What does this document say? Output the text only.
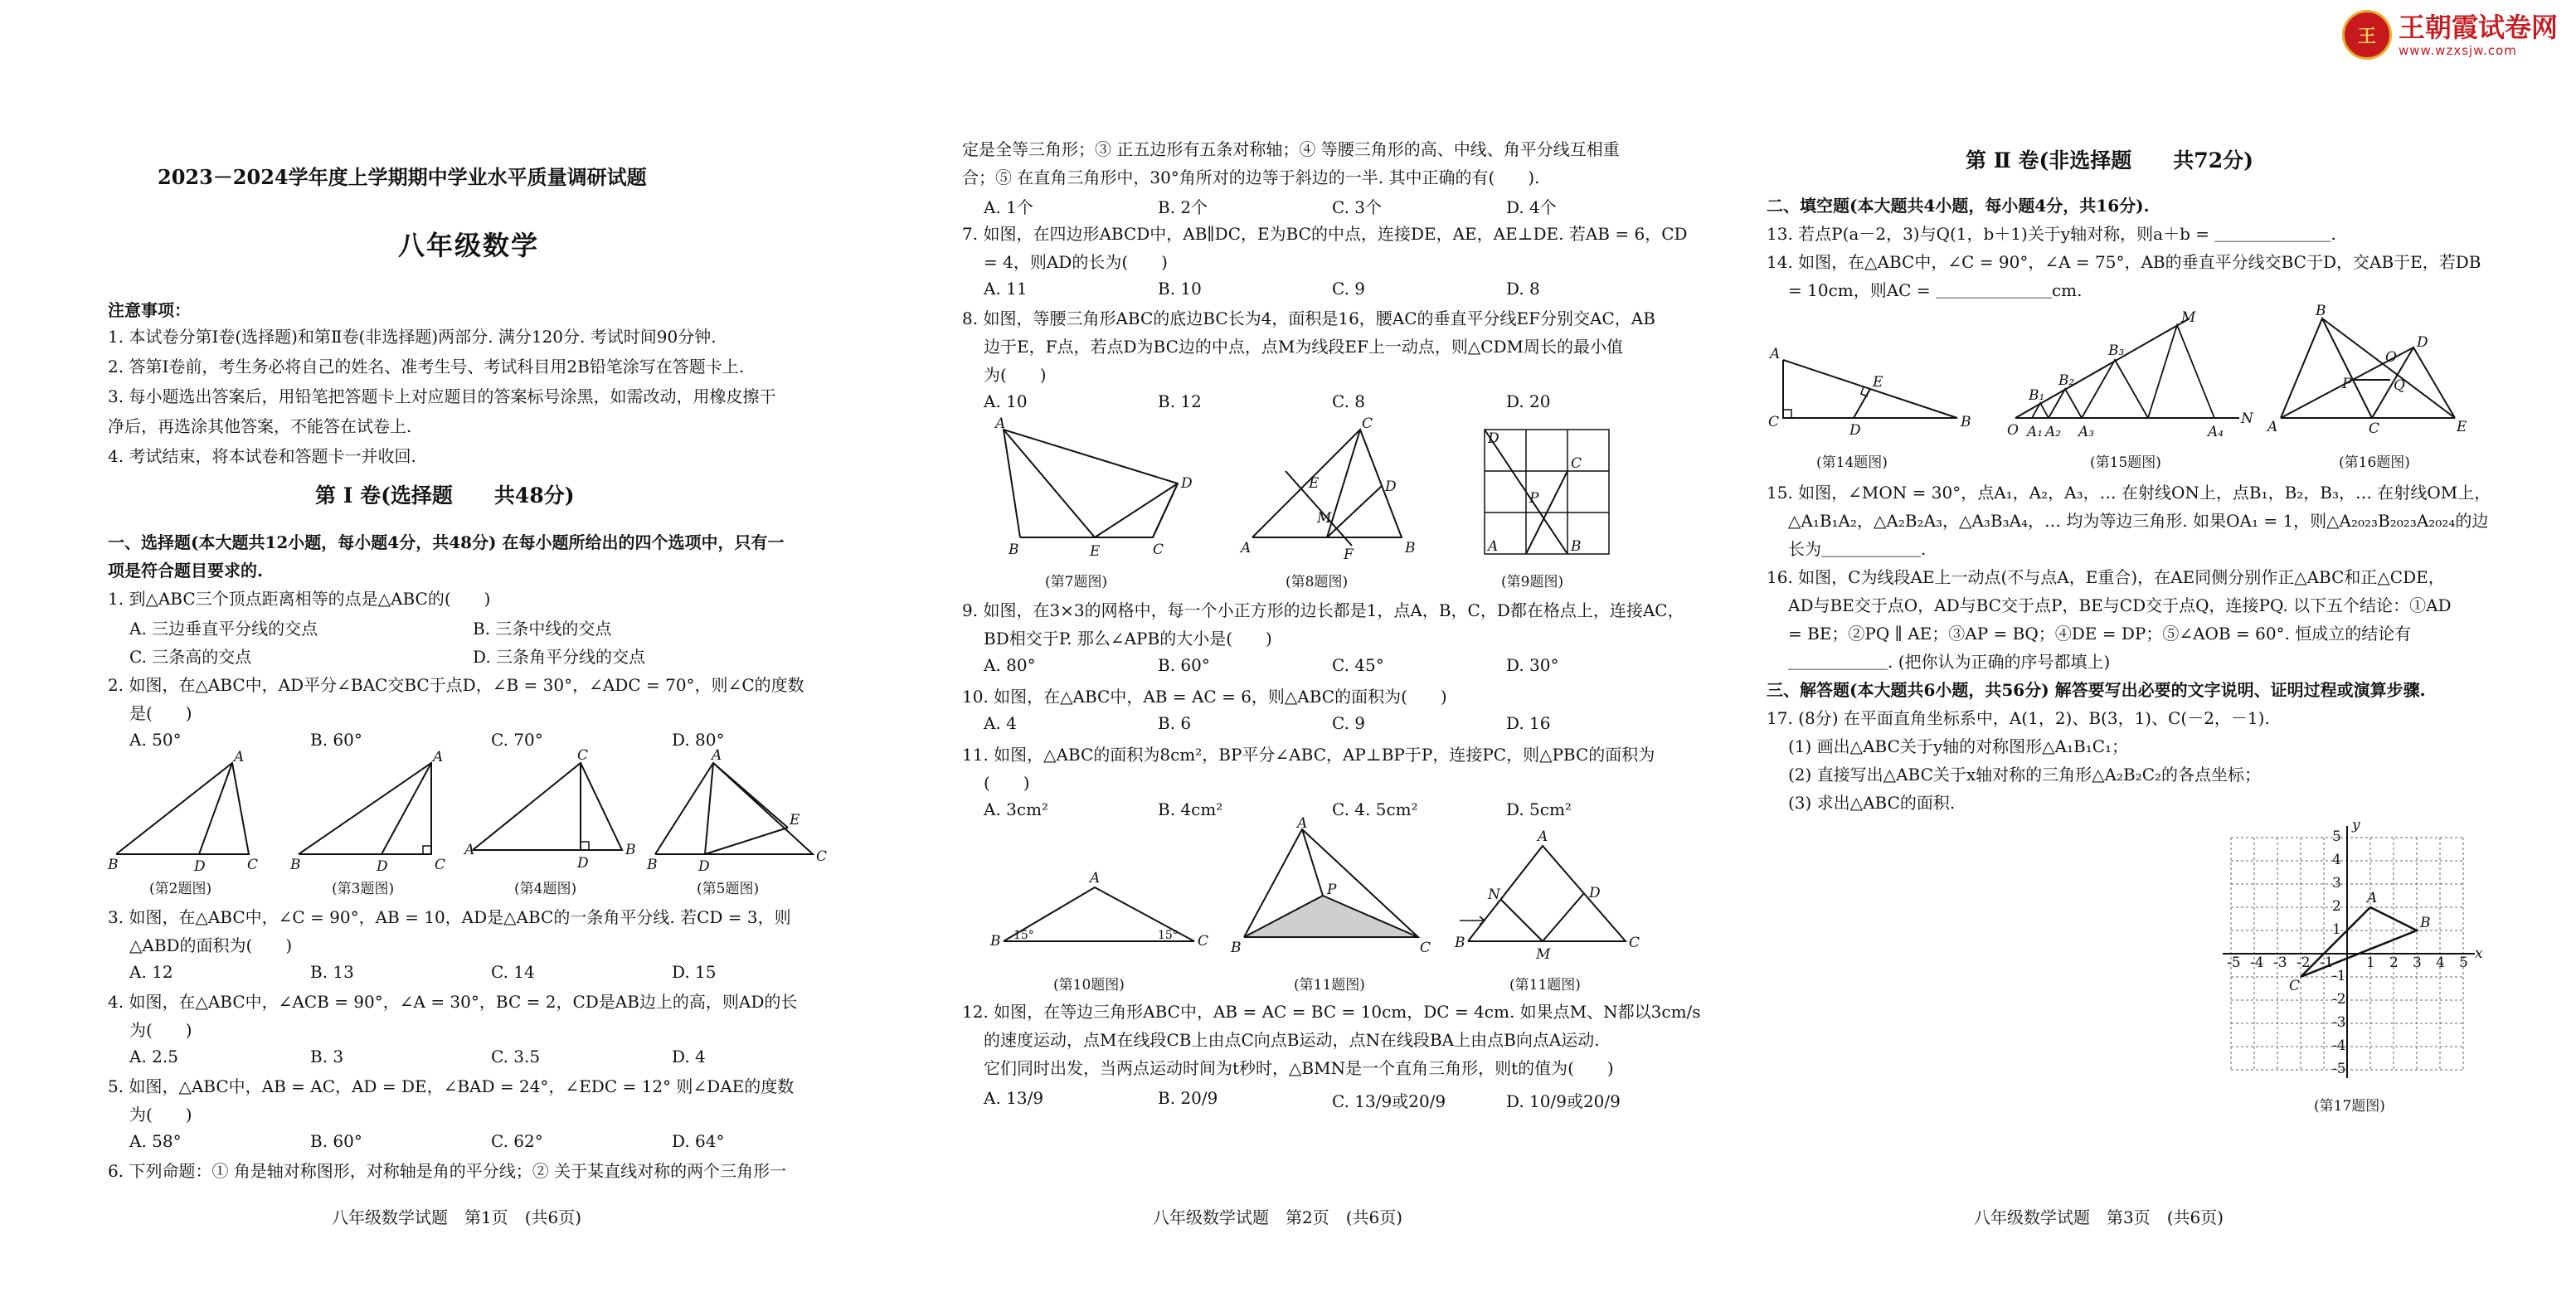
王 王朝霞试卷网
www.wzxsjw.com
2023－2024学年度上学期期中学业水平质量调研试题
八年级数学
注意事项：
1. 本试卷分第Ⅰ卷(选择题)和第Ⅱ卷(非选择题)两部分. 满分120分. 考试时间90分钟.
2. 答第Ⅰ卷前，考生务必将自己的姓名、准考生号、考试科目用2B铅笔涂写在答题卡上.
3. 每小题选出答案后，用铅笔把答题卡上对应题目的答案标号涂黑，如需改动，用橡皮擦干
净后，再选涂其他答案，不能答在试卷上.
4. 考试结束，将本试卷和答题卡一并收回.
第 Ⅰ 卷(选择题　　共48分)
一、选择题(本大题共12小题，每小题4分，共48分) 在每小题所给出的四个选项中，只有一
项是符合题目要求的.
1. 到△ABC三个顶点距离相等的点是△ABC的(　　)
A. 三边垂直平分线的交点	B. 三条中线的交点
C. 三条高的交点	D. 三条角平分线的交点
2. 如图，在△ABC中，AD平分∠BAC交BC于点D，∠B = 30°，∠ADC = 70°，则∠C的度数
是(　　)
A. 50°	B. 60°	C. 70°	D. 80°
B
A
C
D	B
A
C
D
A
C
B
D	B
A
C
D
E
(第2题图)	(第3题图)	(第4题图)	(第5题图)
3. 如图，在△ABC中，∠C = 90°，AB = 10，AD是△ABC的一条角平分线. 若CD = 3，则
△ABD的面积为(　　)
A. 12	B. 13	C. 14	D. 15
4. 如图，在△ABC中，∠ACB = 90°，∠A = 30°，BC = 2，CD是AB边上的高，则AD的长
为(　　)
A. 2.5	B. 3	C. 3.5	D. 4
5. 如图，△ABC中，AB = AC，AD = DE，∠BAD = 24°，∠EDC = 12° 则∠DAE的度数
为(　　)
A. 58°	B. 60°	C. 62°	D. 64°
6. 下列命题：① 角是轴对称图形，对称轴是角的平分线；② 关于某直线对称的两个三角形一
八年级数学试题　第1页　(共6页)
定是全等三角形；③ 正五边形有五条对称轴；④ 等腰三角形的高、中线、角平分线互相重
合；⑤ 在直角三角形中，30°角所对的边等于斜边的一半. 其中正确的有(　　).
A. 1个	B. 2个	C. 3个	D. 4个
7. 如图，在四边形ABCD中，AB∥DC，E为BC的中点，连接DE，AE，AE⊥DE. 若AB = 6，CD
= 4，则AD的长为(　　)
A. 11	B. 10	C. 9	D. 8
8. 如图，等腰三角形ABC的底边BC长为4，面积是16，腰AC的垂直平分线EF分别交AC，AB
边于E，F点，若点D为BC边的中点，点M为线段EF上一动点，则△CDM周长的最小值
为(　　)
A. 10	B. 12	C. 8	D. 20
B
A
E	C
D
A
C
B
E	D
M
F
D
C
P
A	B
(第7题图)	(第8题图)	(第9题图)
9. 如图，在3×3的网格中，每一个小正方形的边长都是1，点A，B，C，D都在格点上，连接AC，
BD相交于P. 那么∠APB的大小是(　　)
A. 80°	B. 60°	C. 45°	D. 30°
10. 如图，在△ABC中，AB = AC = 6，则△ABC的面积为(　　)
A. 4	B. 6	C. 9	D. 16
11. 如图，△ABC的面积为8cm²，BP平分∠ABC，AP⊥BP于P，连接PC，则△PBC的面积为
(　　)
A. 3cm²	B. 4cm²	C. 4. 5cm²	D. 5cm²
B
A
C
15°	15°
B
A
C
P
B
A
C
N
M
D
(第10题图)	(第11题图)	(第11题图)
12. 如图，在等边三角形ABC中，AB = AC = BC = 10cm，DC = 4cm. 如果点M、N都以3cm/s
的速度运动，点M在线段CB上由点C向点B运动，点N在线段BA上由点B向点A运动.
它们同时出发，当两点运动时间为t秒时，△BMN是一个直角三角形，则t的值为(　　)
A. 13/9	B. 20/9	C. 13/9或20/9	D. 10/9或20/9
八年级数学试题　第2页　(共6页)
第 Ⅱ 卷(非选择题　　共72分)
二、填空题(本大题共4小题，每小题4分，共16分).
13. 若点P(a－2，3)与Q(1，b＋1)关于y轴对称，则a＋b = ＿＿＿＿＿＿＿.
14. 如图，在△ABC中，∠C = 90°，∠A = 75°，AB的垂直平分线交BC于D，交AB于E，若DB
= 10cm，则AC = ＿＿＿＿＿＿＿cm.
A
C	B
E
D	O A₁ A₂ A₃	A₄
B₁
B₂
B₃
M
N A
B
C
D
E
O
P	Q
(第14题图)	(第15题图)	(第16题图)
15. 如图，∠MON = 30°，点A₁，A₂，A₃，… 在射线ON上，点B₁，B₂，B₃，… 在射线OM上，
△A₁B₁A₂，△A₂B₂A₃，△A₃B₃A₄，… 均为等边三角形. 如果OA₁ = 1，则△A₂₀₂₃B₂₀₂₃A₂₀₂₄的边
长为＿＿＿＿＿＿.
16. 如图，C为线段AE上一动点(不与点A，E重合)，在AE同侧分别作正△ABC和正△CDE，
AD与BE交于点O，AD与BC交于点P，BE与CD交于点Q，连接PQ. 以下五个结论：①AD
= BE；②PQ ∥ AE；③AP = BQ；④DE = DP；⑤∠AOB = 60°. 恒成立的结论有
＿＿＿＿＿＿. (把你认为正确的序号都填上)
三、解答题(本大题共6小题，共56分) 解答要写出必要的文字说明、证明过程或演算步骤.
17. (8分) 在平面直角坐标系中，A(1，2)、B(3，1)、C(－2，－1).
(1) 画出△ABC关于y轴的对称图形△A₁B₁C₁；
(2) 直接写出△ABC关于x轴对称的三角形△A₂B₂C₂的各点坐标；
(3) 求出△ABC的面积.
x
y
-5
-5
-4
-4
-3
-3
-2
-2
-1
-1
1
1
2
2
3
3
4
4
5
5
A
B
C
(第17题图)
八年级数学试题　第3页　(共6页)
